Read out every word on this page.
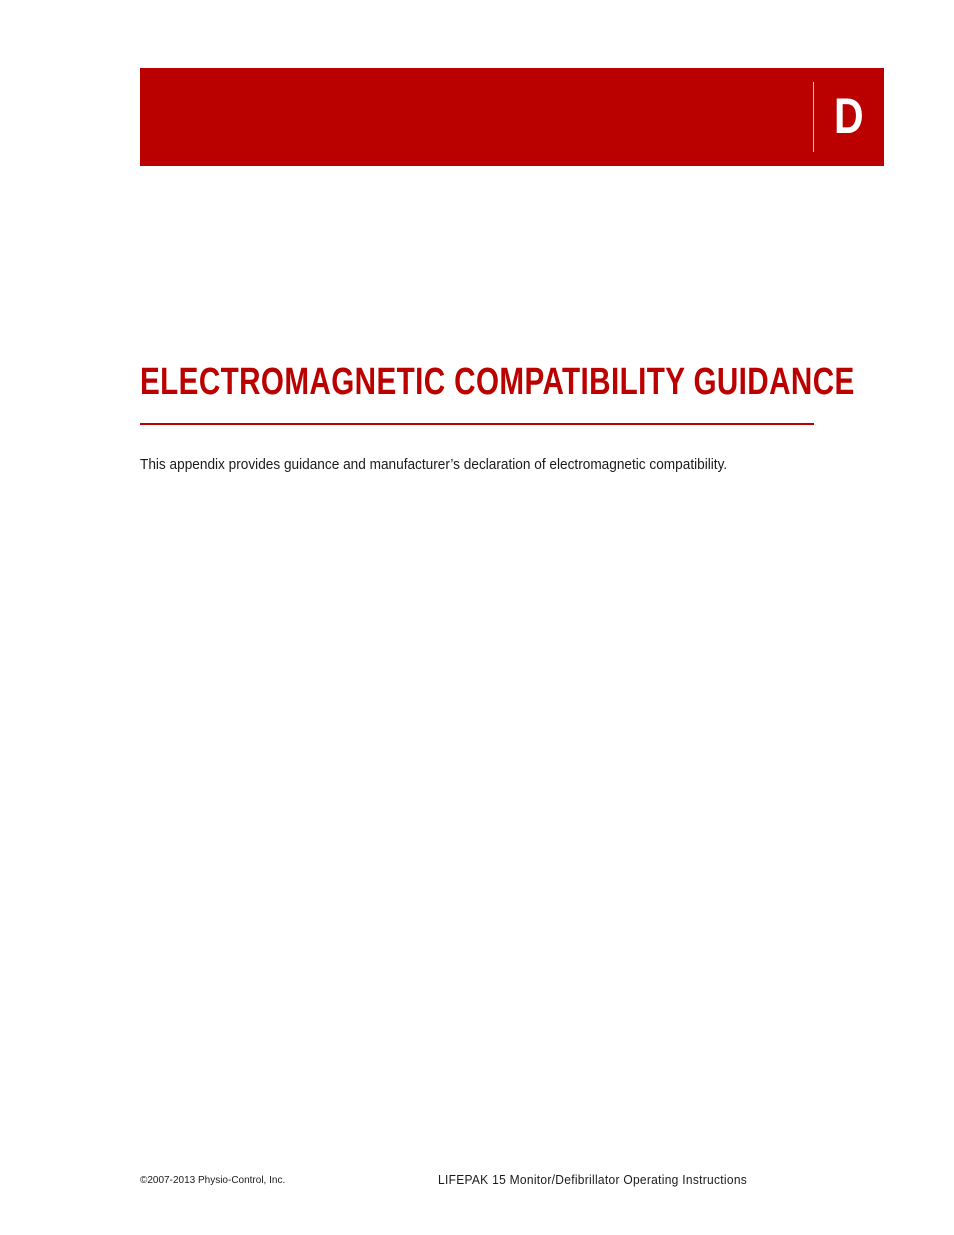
D
ELECTROMAGNETIC COMPATIBILITY GUIDANCE

This appendix provides guidance and manufacturer’s declaration of electromagnetic compatibility.

©2007-2013 Physio-Control, Inc.	LIFEPAK 15 Monitor/Defibrillator Operating Instructions
